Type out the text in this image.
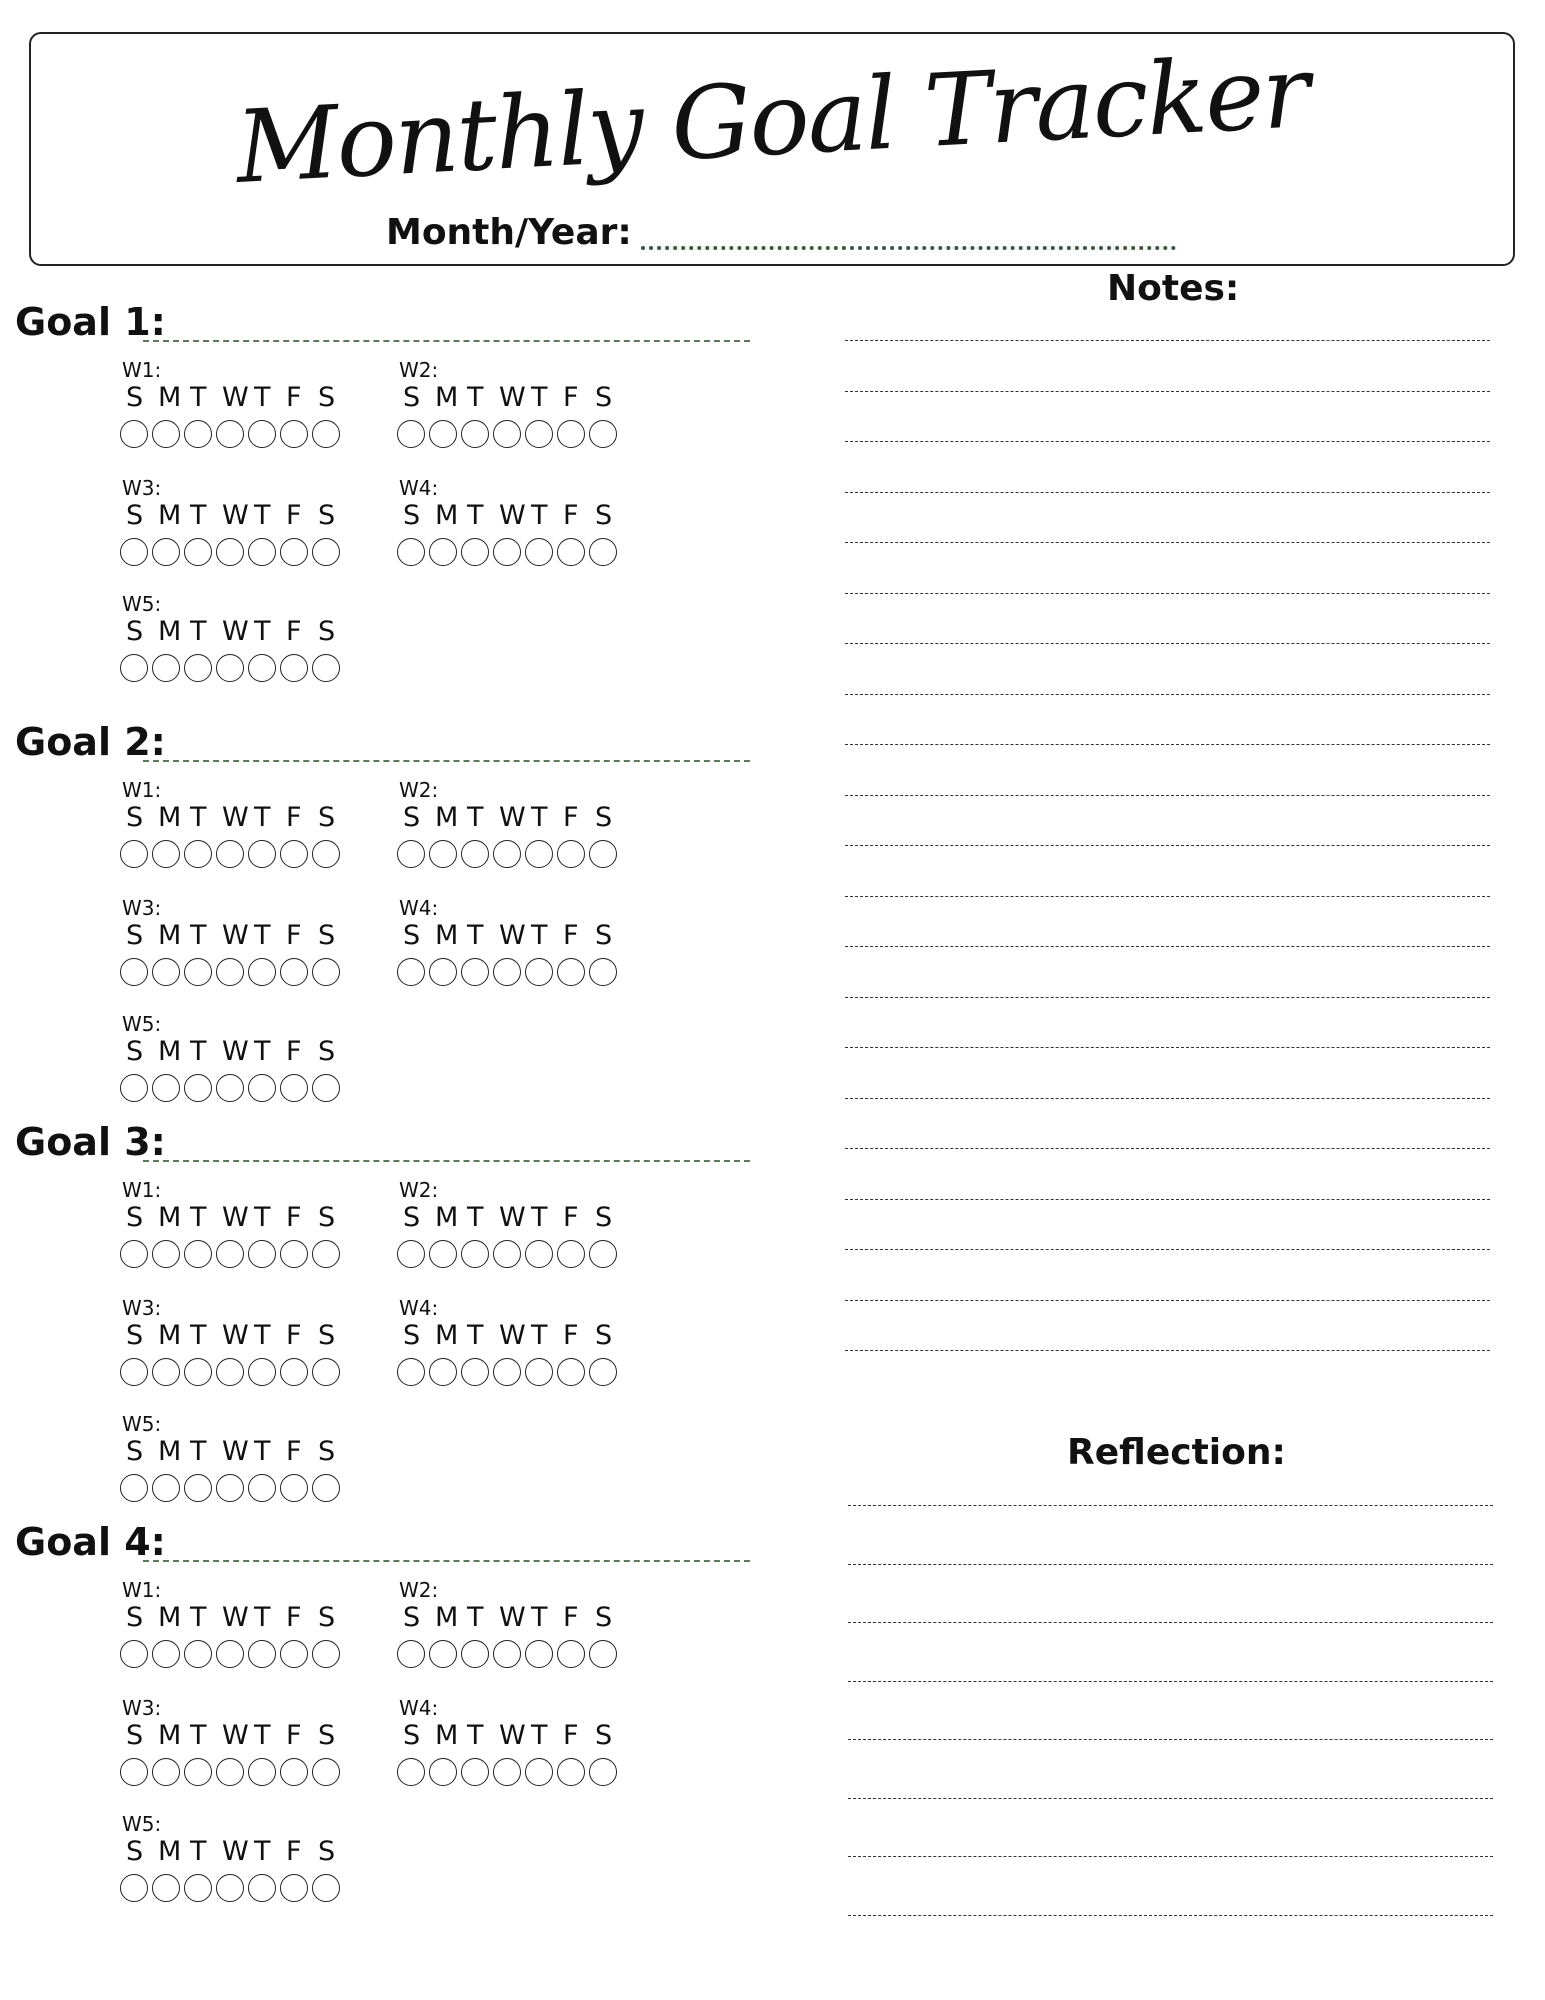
Monthly Goal Tracker
Month/Year:
Goal 1:
W1:
S M T W T F S
W2:
S M T W T F S
W3:
S M T W T F S
W4:
S M T W T F S
W5:
S M T W T F S
Goal 2:
W1:
S M T W T F S
W2:
S M T W T F S
W3:
S M T W T F S
W4:
S M T W T F S
W5:
S M T W T F S
Goal 3:
W1:
S M T W T F S
W2:
S M T W T F S
W3:
S M T W T F S
W4:
S M T W T F S
W5:
S M T W T F S
Goal 4:
W1:
S M T W T F S
W2:
S M T W T F S
W3:
S M T W T F S
W4:
S M T W T F S
W5:
S M T W T F S
Notes:
Reflection:
